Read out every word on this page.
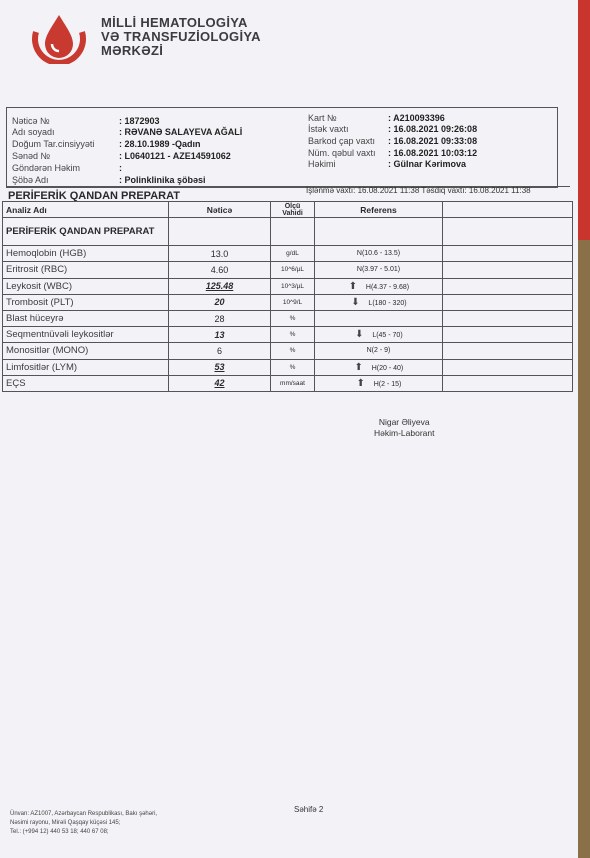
MİLLİ HEMATOLOGİYA
VƏ TRANSFUZİOLOGİYA
MƏRKƏZİ
Nəticə №	: 1872903
Adı soyadı	: RƏVANƏ SALAYEVA AĞALİ
Doğum Tar.cinsiyyəti	: 28.10.1989 -Qadın
Sənəd №	: L0640121 - AZE14591062
Göndərən Həkim	:
Şöbə Adı	: Polinklinika şöbəsi
Kart №	: A210093396
İstək vaxtı	: 16.08.2021 09:26:08
Barkod çap vaxtı : 16.08.2021 09:33:08
Nüm. qəbul vaxtı : 16.08.2021 10:03:12
Həkimi	: Gülnar Kərimova
PERİFERİK QANDAN PREPARAT	İşlənmə vaxtı: 16.08.2021 11:38 Təsdiq vaxtı: 16.08.2021 11:38
Analiz Adı	Nəticə	Ölçü Vahidi	Referens	
PERİFERİK QANDAN PREPARAT				
Hemoqlobin (HGB)	13.0	g/dL	N(10.6 - 13.5)	
Eritrosit (RBC)	4.60	10^6/µL	N(3.97 - 5.01)	
Leykosit (WBC)	125.48	10^3/µL	⬆ H(4.37 - 9.68)	
Trombosit (PLT)	20	10^9/L	⬇ L(180 - 320)	
Blast hüceyrə	28	%		
Seqmentnüvəli leykositlər	13	%	⬇ L(45 - 70)	
Monositlər (MONO)	6	%	N(2 - 9)	
Limfositlər (LYM)	53	%	⬆ H(20 - 40)	
EÇS	42	mm/saat	⬆ H(2 - 15)	
Nigar Əliyeva
Həkim-Laborant
Səhifə 2
Ünvan: AZ1007, Azərbaycan Respublikası, Bakı şəhəri,
Nəsimi rayonu, Mirəli Qaşqay küçəsi 145;
Tel.: (+994 12) 440 53 18; 440 67 08;
